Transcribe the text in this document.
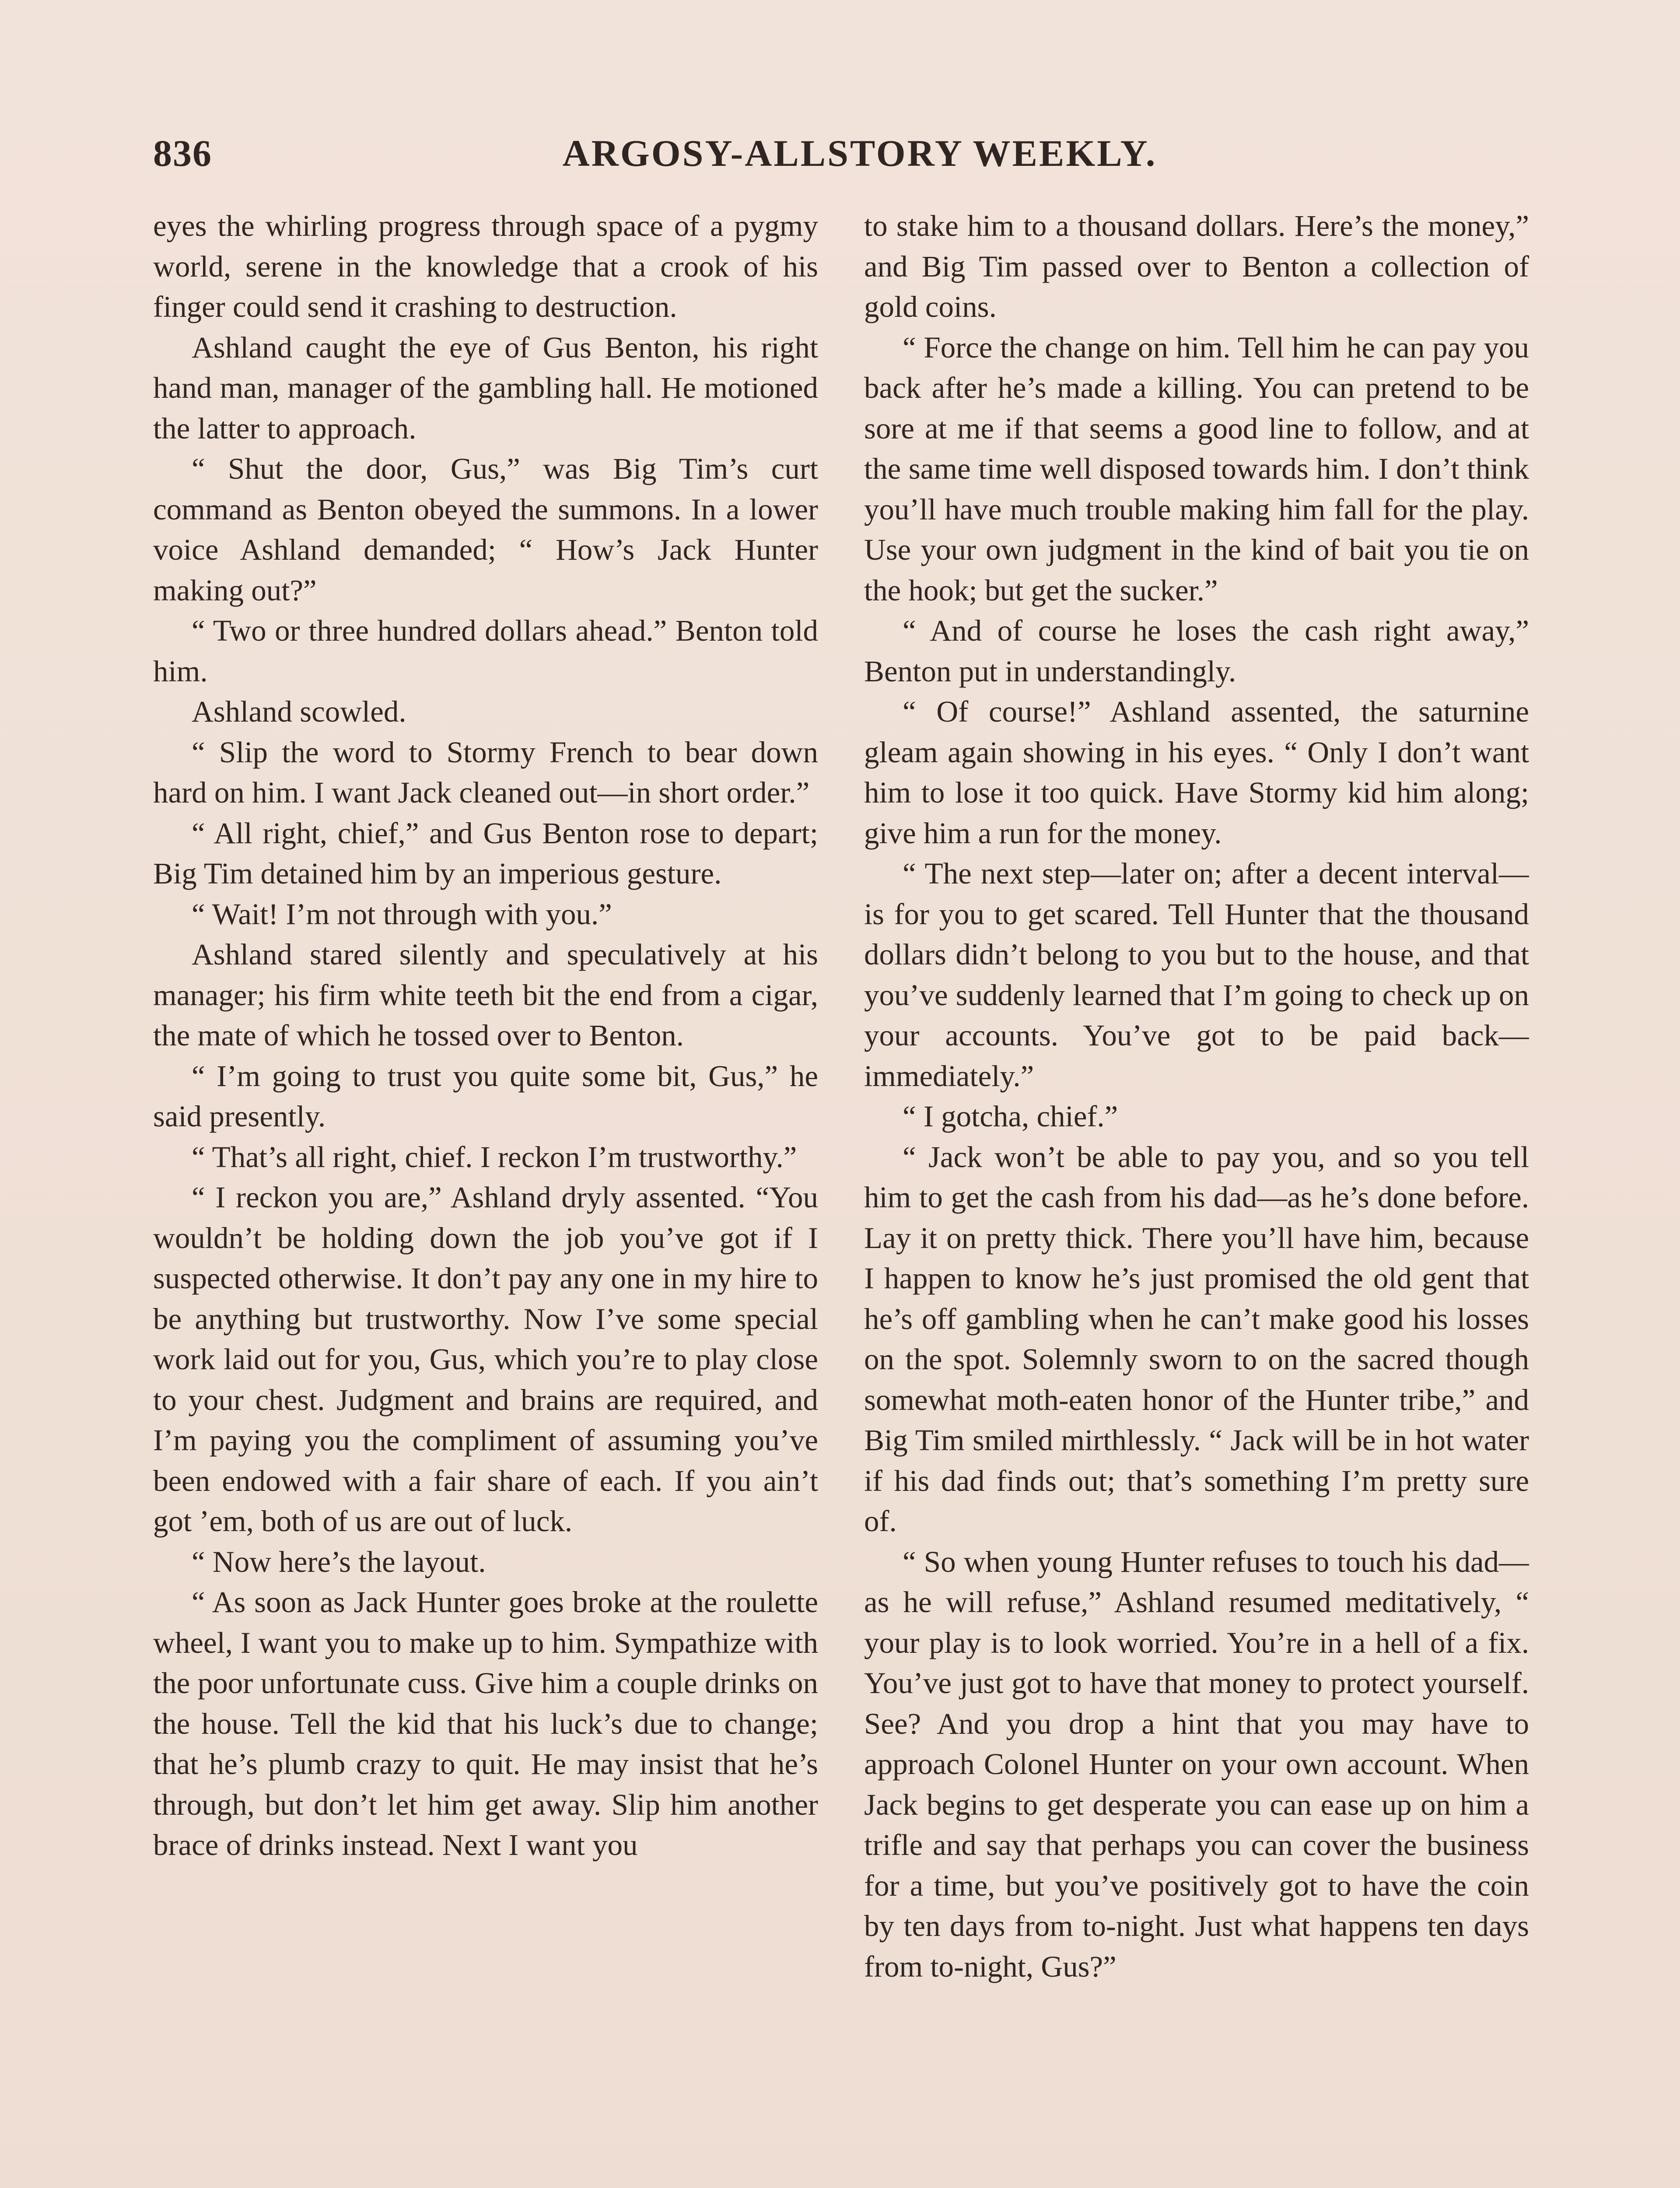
836	ARGOSY-ALLSTORY WEEKLY.

eyes the whirling progress through space of a pygmy world, serene in the knowledge that a crook of his finger could send it crashing to destruction.

Ashland caught the eye of Gus Benton, his right hand man, manager of the gambling hall. He motioned the latter to approach.

“ Shut the door, Gus,” was Big Tim’s curt command as Benton obeyed the summons. In a lower voice Ashland demanded; “ How’s Jack Hunter making out?”

“ Two or three hundred dollars ahead.” Benton told him.

Ashland scowled.

“ Slip the word to Stormy French to bear down hard on him. I want Jack cleaned out—in short order.”

“ All right, chief,” and Gus Benton rose to depart; Big Tim detained him by an imperious gesture.

“ Wait! I’m not through with you.”

Ashland stared silently and speculatively at his manager; his firm white teeth bit the end from a cigar, the mate of which he tossed over to Benton.

“ I’m going to trust you quite some bit, Gus,” he said presently.

“ That’s all right, chief. I reckon I’m trustworthy.”

“ I reckon you are,” Ashland dryly assented. “You wouldn’t be holding down the job you’ve got if I suspected otherwise. It don’t pay any one in my hire to be anything but trustworthy. Now I’ve some special work laid out for you, Gus, which you’re to play close to your chest. Judgment and brains are required, and I’m paying you the compliment of assuming you’ve been endowed with a fair share of each. If you ain’t got ’em, both of us are out of luck.

“ Now here’s the layout.

“ As soon as Jack Hunter goes broke at the roulette wheel, I want you to make up to him. Sympathize with the poor unfortunate cuss. Give him a couple drinks on the house. Tell the kid that his luck’s due to change; that he’s plumb crazy to quit. He may insist that he’s through, but don’t let him get away. Slip him another brace of drinks instead. Next I want you

to stake him to a thousand dollars. Here’s the money,” and Big Tim passed over to Benton a collection of gold coins.

“ Force the change on him. Tell him he can pay you back after he’s made a killing. You can pretend to be sore at me if that seems a good line to follow, and at the same time well disposed towards him. I don’t think you’ll have much trouble making him fall for the play. Use your own judgment in the kind of bait you tie on the hook; but get the sucker.”

“ And of course he loses the cash right away,” Benton put in understandingly.

“ Of course!” Ashland assented, the saturnine gleam again showing in his eyes. “ Only I don’t want him to lose it too quick. Have Stormy kid him along; give him a run for the money.

“ The next step—later on; after a decent interval—is for you to get scared. Tell Hunter that the thousand dollars didn’t belong to you but to the house, and that you’ve suddenly learned that I’m going to check up on your accounts. You’ve got to be paid back—immediately.”

“ I gotcha, chief.”

“ Jack won’t be able to pay you, and so you tell him to get the cash from his dad—as he’s done before. Lay it on pretty thick. There you’ll have him, because I happen to know he’s just promised the old gent that he’s off gambling when he can’t make good his losses on the spot. Solemnly sworn to on the sacred though somewhat moth-eaten honor of the Hunter tribe,” and Big Tim smiled mirthlessly. “ Jack will be in hot water if his dad finds out; that’s something I’m pretty sure of.

“ So when young Hunter refuses to touch his dad—as he will refuse,” Ashland resumed meditatively, “ your play is to look worried. You’re in a hell of a fix. You’ve just got to have that money to protect yourself. See? And you drop a hint that you may have to approach Colonel Hunter on your own account. When Jack begins to get desperate you can ease up on him a trifle and say that perhaps you can cover the business for a time, but you’ve positively got to have the coin by ten days from to-night. Just what happens ten days from to-night, Gus?”
